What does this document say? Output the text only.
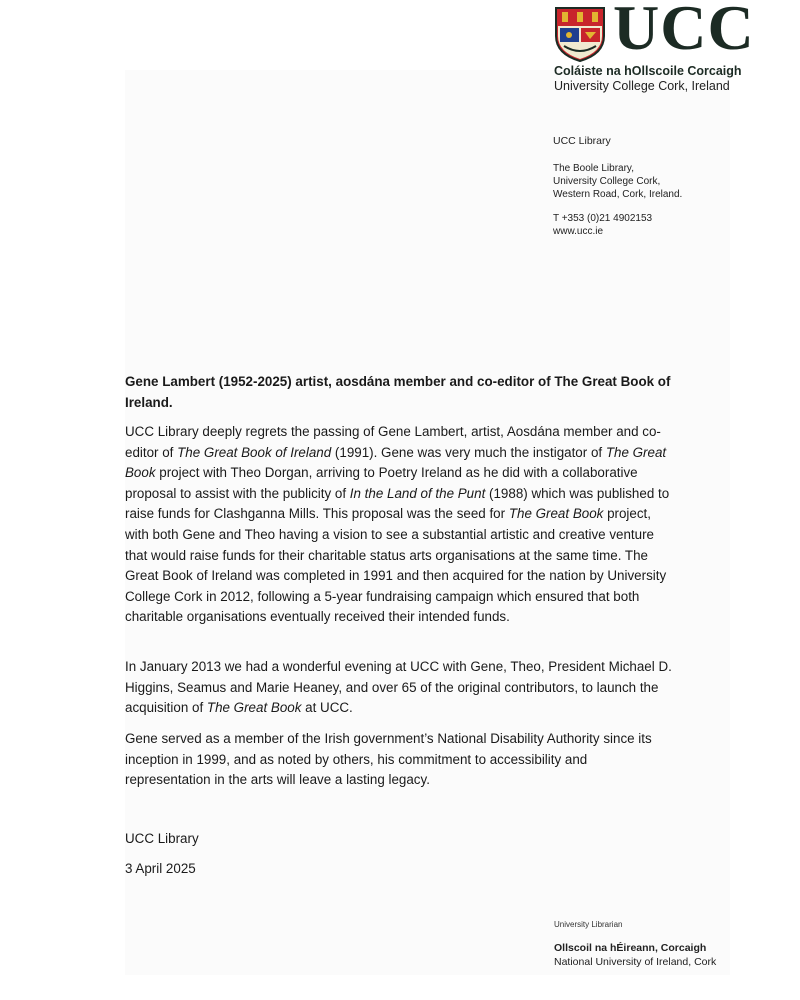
UCC
Coláiste na hOllscoile Corcaigh
University College Cork, Ireland
UCC Library
The Boole Library,
University College Cork,
Western Road, Cork, Ireland.
T +353 (0)21 4902153
www.ucc.ie
Gene Lambert (1952-2025) artist, aosdána member and co-editor of The Great Book of Ireland.

UCC Library deeply regrets the passing of Gene Lambert, artist, Aosdána member and co-editor of The Great Book of Ireland (1991). Gene was very much the instigator of The Great Book project with Theo Dorgan, arriving to Poetry Ireland as he did with a collaborative proposal to assist with the publicity of In the Land of the Punt (1988) which was published to raise funds for Clashganna Mills. This proposal was the seed for The Great Book project, with both Gene and Theo having a vision to see a substantial artistic and creative venture that would raise funds for their charitable status arts organisations at the same time. The Great Book of Ireland was completed in 1991 and then acquired for the nation by University College Cork in 2012, following a 5-year fundraising campaign which ensured that both charitable organisations eventually received their intended funds.

In January 2013 we had a wonderful evening at UCC with Gene, Theo, President Michael D. Higgins, Seamus and Marie Heaney, and over 65 of the original contributors, to launch the acquisition of The Great Book at UCC.

Gene served as a member of the Irish government’s National Disability Authority since its inception in 1999, and as noted by others, his commitment to accessibility and representation in the arts will leave a lasting legacy.

UCC Library
3 April 2025
University Librarian
Ollscoil na hÉireann, Corcaigh
National University of Ireland, Cork
